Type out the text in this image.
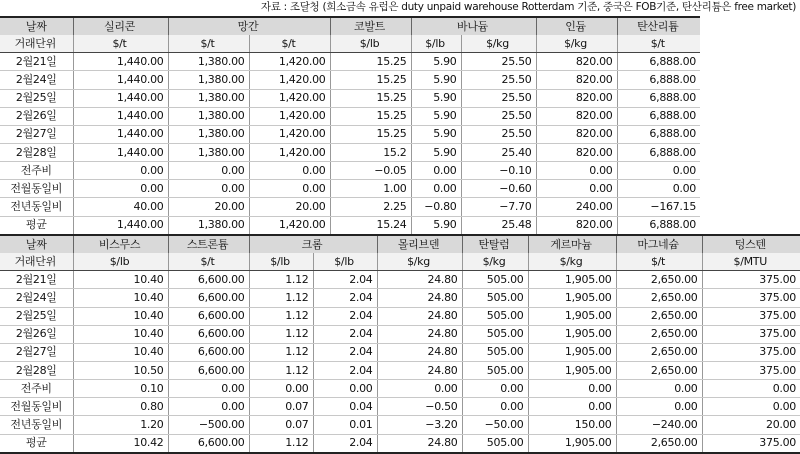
자료 : 조달청 (희소금속 유럽은 duty unpaid warehouse Rotterdam 기준, 중국은 FOB기준, 탄산리튬은 free market)
날짜	실리콘	망간		코발트	바나듐		인듐	탄산리튬
거래단위	$/t	$/t	$/t	$/lb	$/lb	$/kg	$/kg	$/t
2월21일	1,440.00	1,380.00	1,420.00	15.25	5.90	25.50	820.00	6,888.00
2월24일	1,440.00	1,380.00	1,420.00	15.25	5.90	25.50	820.00	6,888.00
2월25일	1,440.00	1,380.00	1,420.00	15.25	5.90	25.50	820.00	6,888.00
2월26일	1,440.00	1,380.00	1,420.00	15.25	5.90	25.50	820.00	6,888.00
2월27일	1,440.00	1,380.00	1,420.00	15.25	5.90	25.50	820.00	6,888.00
2월28일	1,440.00	1,380.00	1,420.00	15.2	5.90	25.40	820.00	6,888.00
전주비	0.00	0.00	0.00	−0.05	0.00	−0.10	0.00	0.00
전월동일비	0.00	0.00	0.00	1.00	0.00	−0.60	0.00	0.00
전년동일비	40.00	20.00	20.00	2.25	−0.80	−7.70	240.00	−167.15
평균	1,440.00	1,380.00	1,420.00	15.24	5.90	25.48	820.00	6,888.00
날짜	비스무스	스트론튬	크롬		몰리브덴	탄탈럼	게르마늄	마그네슘	텅스텐
거래단위	$/lb	$/t	$/lb	$/lb	$/kg	$/kg	$/kg	$/t	$/MTU
2월21일	10.40	6,600.00	1.12	2.04	24.80	505.00	1,905.00	2,650.00	375.00
2월24일	10.40	6,600.00	1.12	2.04	24.80	505.00	1,905.00	2,650.00	375.00
2월25일	10.40	6,600.00	1.12	2.04	24.80	505.00	1,905.00	2,650.00	375.00
2월26일	10.40	6,600.00	1.12	2.04	24.80	505.00	1,905.00	2,650.00	375.00
2월27일	10.40	6,600.00	1.12	2.04	24.80	505.00	1,905.00	2,650.00	375.00
2월28일	10.50	6,600.00	1.12	2.04	24.80	505.00	1,905.00	2,650.00	375.00
전주비	0.10	0.00	0.00	0.00	0.00	0.00	0.00	0.00	0.00
전월동일비	0.80	0.00	0.07	0.04	−0.50	0.00	0.00	0.00	0.00
전년동일비	1.20	−500.00	0.07	0.01	−3.20	−50.00	150.00	−240.00	20.00
평균	10.42	6,600.00	1.12	2.04	24.80	505.00	1,905.00	2,650.00	375.00
